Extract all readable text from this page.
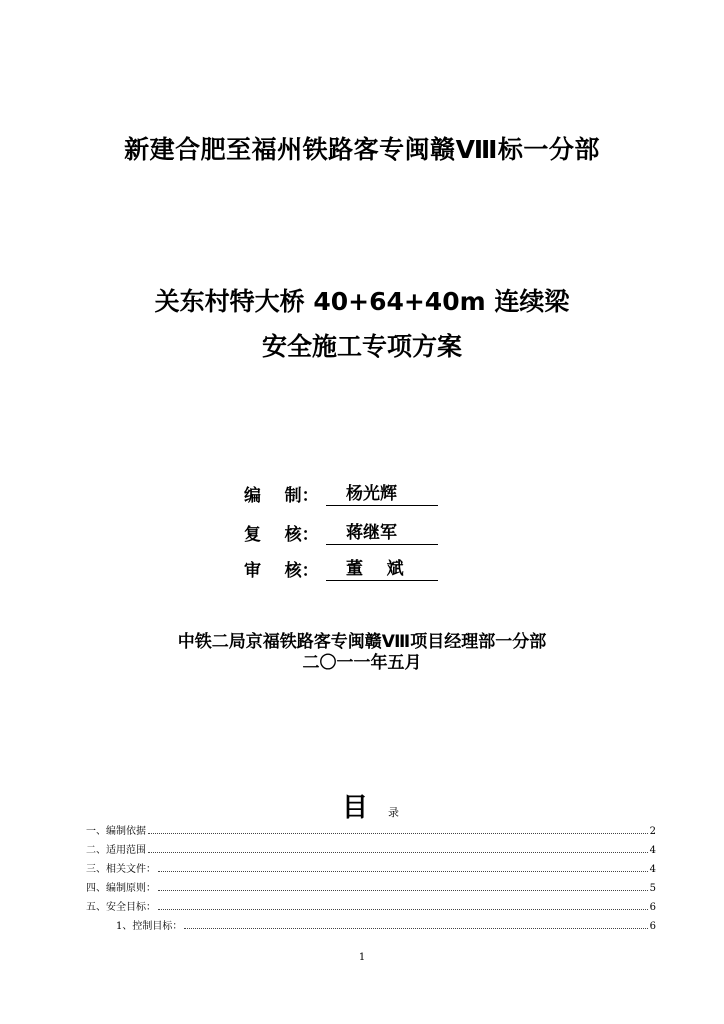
新建合肥至福州铁路客专闽赣Ⅷ标一分部
关东村特大桥 40+64+40m 连续梁
安全施工专项方案
编    制：	杨光辉
复    核：	蒋继军
审    核：	董    斌
中铁二局京福铁路客专闽赣Ⅷ项目经理部一分部
二〇一一年五月
目 录
一、编制依据	2
二、适用范围	4
三、相关文件：	4
四、编制原则：	5
五、安全目标：	6
1、控制目标：	6
1
